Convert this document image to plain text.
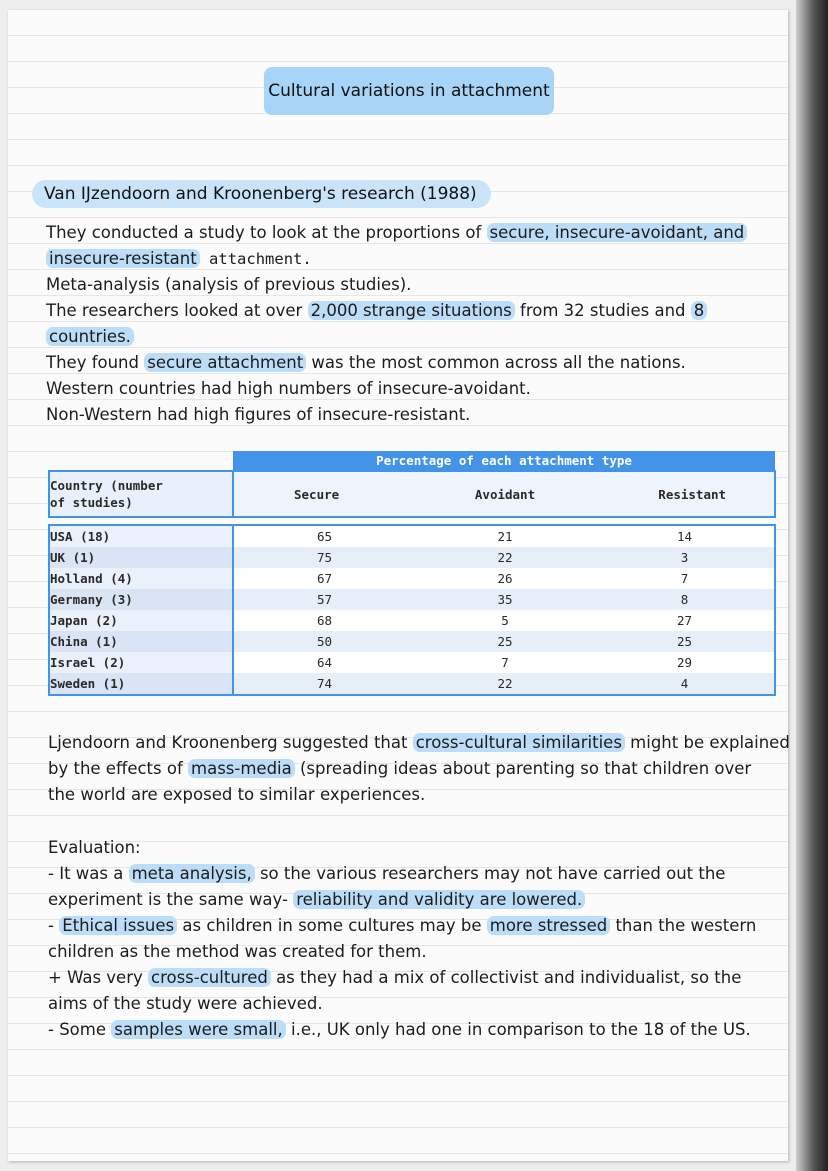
Cultural variations in attachment
Van IJzendoorn and Kroonenberg's research (1988)
They conducted a study to look at the proportions of secure, insecure-avoidant, and
insecure-resistant attachment.
Meta-analysis (analysis of previous studies).
The researchers looked at over 2,000 strange situations from 32 studies and 8
countries.
They found secure attachment was the most common across all the nations.
Western countries had high numbers of insecure-avoidant.
Non-Western had high figures of insecure-resistant.
	Percentage of each attachment type		

Country (number
of studies)	Secure	Avoidant	Resistant

USA (18)	65	21	14
UK (1)	75	22	3
Holland (4)	67	26	7
Germany (3)	57	35	8
Japan (2)	68	5	27
China (1)	50	25	25
Israel (2)	64	7	29
Sweden (1)	74	22	4
Ljendoorn and Kroonenberg suggested that cross-cultural similarities might be explained
by the effects of mass-media (spreading ideas about parenting so that children over
the world are exposed to similar experiences.
Evaluation:
- It was a meta analysis, so the various researchers may not have carried out the
experiment is the same way- reliability and validity are lowered.
- Ethical issues as children in some cultures may be more stressed than the western
children as the method was created for them.
+ Was very cross-cultured as they had a mix of collectivist and individualist, so the
aims of the study were achieved.
- Some samples were small, i.e., UK only had one in comparison to the 18 of the US.
